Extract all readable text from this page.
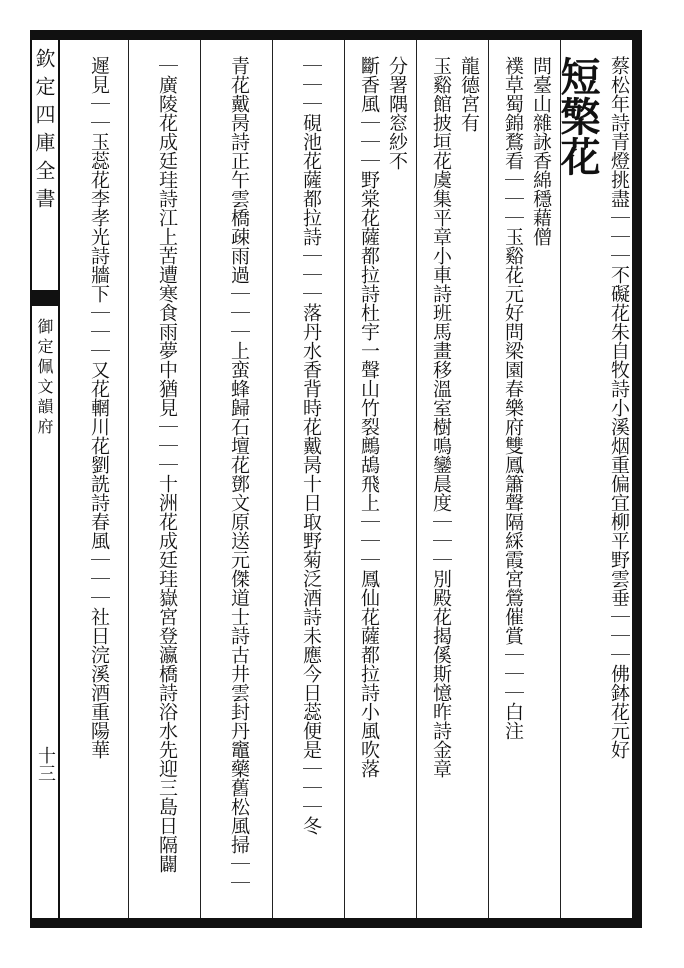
欽定四庫全書
御定佩文韻府
十三
蔡松年詩青燈挑盡｜｜｜不礙花朱自牧詩小溪烟重偏宜柳平野雲垂｜｜｜佛鉢花元好
短檠花
問臺山雜詠香綿穩藉僧
襆草蜀錦鶩看｜｜｜玉谿花元好問梁園春樂府雙鳳簫聲隔綵霞宮鶯催賞｜｜｜白注
龍德宮有
玉谿館披垣花虞集平章小車詩班馬畫移溫室樹鳴鑾晨度｜｜｜別殿花揭傒斯憶昨詩金章
分署隅窓紗不
斷香風｜｜｜野棠花薩都拉詩杜宇一聲山竹裂鷓鴣飛上｜｜｜鳳仙花薩都拉詩小風吹落
｜｜｜硯池花薩都拉詩｜｜｜落丹水香背時花戴昺十日取野菊泛酒詩未應今日蕊便是｜｜｜冬
青花戴昺詩正午雲橋疎雨過｜｜｜上蛮蜂歸石壇花鄧文原送元傑道士詩古井雲封丹竈藥舊松風掃｜｜
｜廣陵花成廷珪詩江上苦遭寒食雨夢中猶見｜｜｜十洲花成廷珪嶽宮登瀛橋詩浴水先迎三島日隔闢
遲見｜｜玉蕊花李孝光詩牆下｜｜｜又花輞川花劉詵詩春風｜｜｜社日浣溪酒重陽華
